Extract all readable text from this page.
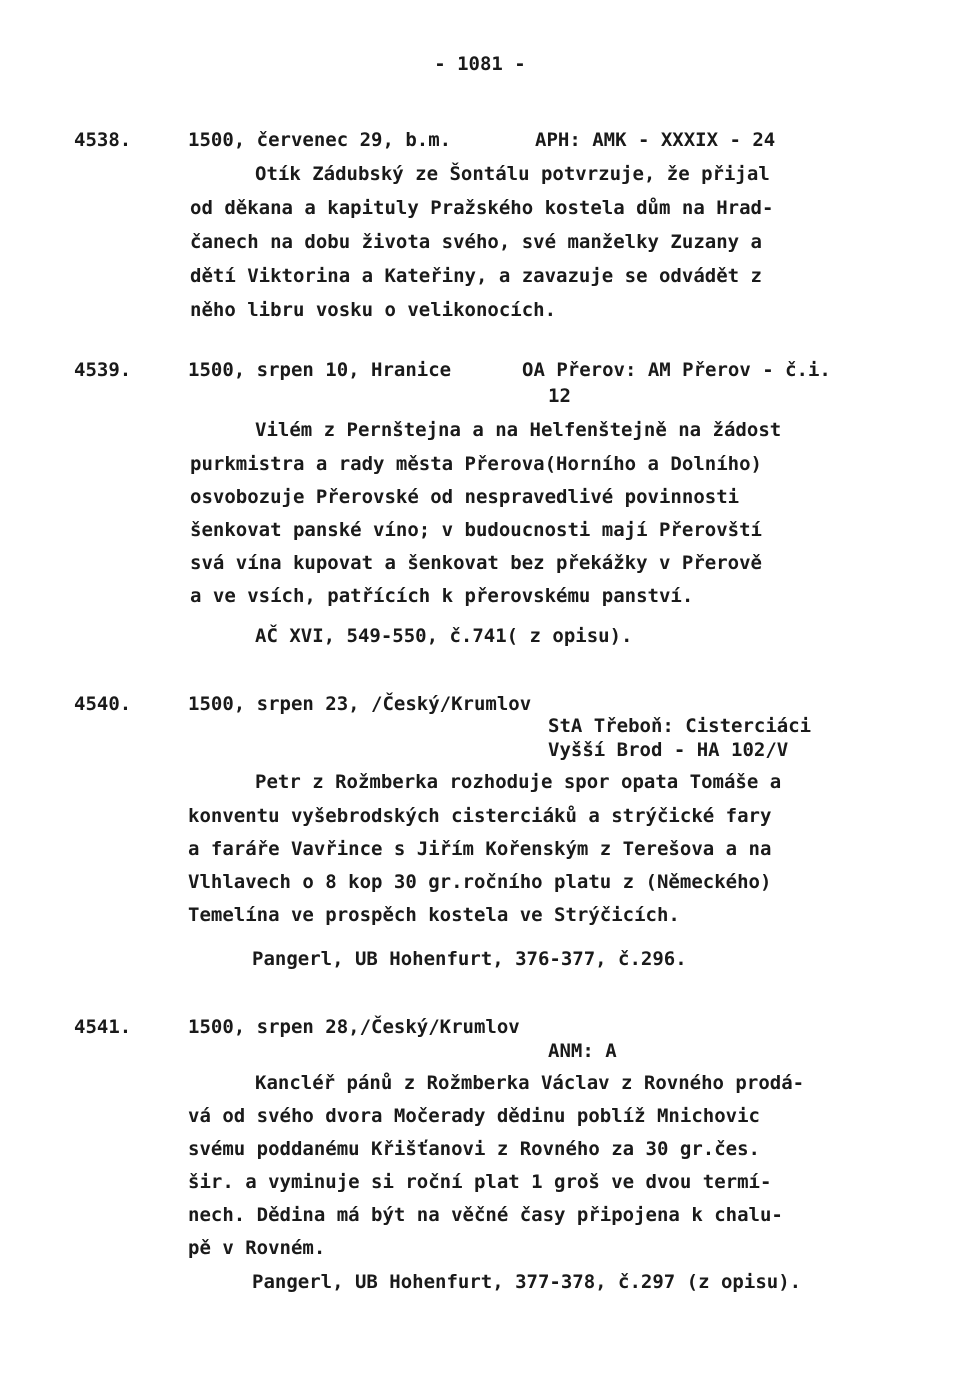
- 1081 -
4538.	1500, červenec 29, b.m.	APH: AMK - XXXIX - 24
Otík Zádubský ze Šontálu potvrzuje, že přijal
od děkana a kapituly Pražského kostela dům na Hrad-
čanech na dobu života svého, své manželky Zuzany a
dětí Viktorina a Kateřiny, a zavazuje se odvádět z
něho libru vosku o velikonocích.
4539.	1500, srpen 10, Hranice	OA Přerov: AM Přerov - č.i.
12
Vilém z Pernštejna a na Helfenštejně na žádost
purkmistra a rady města Přerova(Horního a Dolního)
osvobozuje Přerovské od nespravedlivé povinnosti
šenkovat panské víno; v budoucnosti mají Přerovští
svá vína kupovat a šenkovat bez překážky v Přerově
a ve vsích, patřících k přerovskému panství.
AČ XVI, 549-550, č.741( z opisu).
4540.	1500, srpen 23, /Český/Krumlov
StA Třeboň: Cisterciáci
Vyšší Brod - HA 102/V
Petr z Rožmberka rozhoduje spor opata Tomáše a
konventu vyšebrodských cisterciáků a strýčické fary
a faráře Vavřince s Jiřím Kořenským z Terešova a na
Vlhlavech o 8 kop 30 gr.ročního platu z (Německého)
Temelína ve prospěch kostela ve Strýčicích.
Pangerl, UB Hohenfurt, 376-377, č.296.
4541.	1500, srpen 28,/Český/Krumlov
ANM: A
Kancléř pánů z Rožmberka Václav z Rovného prodá-
vá od svého dvora Močerady dědinu poblíž Mnichovic
svému poddanému Křišťanovi z Rovného za 30 gr.čes.
šir. a vyminuje si roční plat 1 groš ve dvou termí-
nech. Dědina má být na věčné časy připojena k chalu-
pě v Rovném.
Pangerl, UB Hohenfurt, 377-378, č.297 (z opisu).
